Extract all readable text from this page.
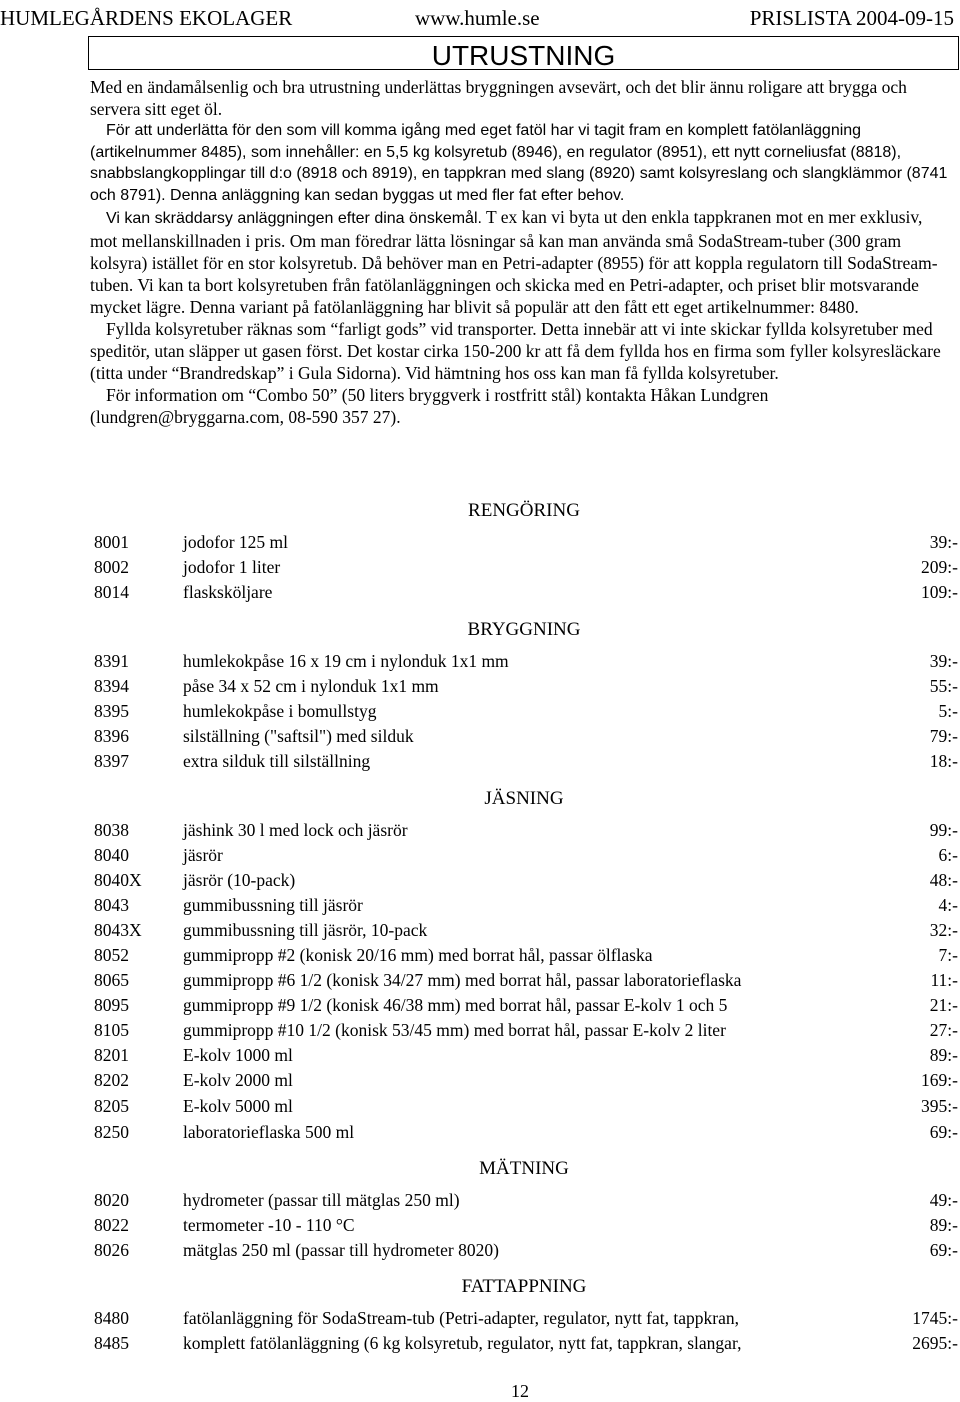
HUMLEGÅRDENS EKOLAGER	www.humle.se	PRISLISTA 2004-09-15
UTRUSTNING

Med en ändamålsenlig och bra utrustning underlättas bryggningen avsevärt, och det blir ännu roligare att brygga och servera sitt eget öl.

För att underlätta för den som vill komma igång med eget fatöl har vi tagit fram en komplett fatölanläggning (artikelnummer 8485), som innehåller: en 5,5 kg kolsyretub (8946), en regulator (8951), ett nytt corneliusfat (8818), snabbslangkopplingar till d:o (8918 och 8919), en tappkran med slang (8920) samt kolsyreslang och slangklämmor (8741 och 8791). Denna anläggning kan sedan byggas ut med fler fat efter behov.

Vi kan skräddarsy anläggningen efter dina önskemål. T ex kan vi byta ut den enkla tappkranen mot en mer exklusiv, mot mellanskillnaden i pris. Om man föredrar lätta lösningar så kan man använda små SodaStream-tuber (300 gram kolsyra) istället för en stor kolsyretub. Då behöver man en Petri-adapter (8955) för att koppla regulatorn till SodaStream-tuben. Vi kan ta bort kolsyretuben från fatölanläggningen och skicka med en Petri-adapter, och priset blir motsvarande mycket lägre. Denna variant på fatölanläggning har blivit så populär att den fått ett eget artikelnummer: 8480.

Fyllda kolsyretuber räknas som “farligt gods” vid transporter. Detta innebär att vi inte skickar fyllda kolsyretuber med speditör, utan släpper ut gasen först. Det kostar cirka 150-200 kr att få dem fyllda hos en firma som fyller kolsyresläckare (titta under “Brandredskap” i Gula Sidorna). Vid hämtning hos oss kan man få fyllda kolsyretuber.

För information om “Combo 50” (50 liters bryggverk i rostfritt stål) kontakta Håkan Lundgren (lundgren@bryggarna.com, 08-590 357 27).

RENGÖRING
BRYGGNING
JÄSNING
MÄTNING
FATTAPPNING
8001	jodofor 125 ml	39:-
8002	jodofor 1 liter	209:-
8014	flasksköljare	109:-
8391	humlekokpåse 16 x 19 cm i nylonduk 1x1 mm	39:-
8394	påse 34 x 52 cm i nylonduk 1x1 mm	55:-
8395	humlekokpåse i bomullstyg	5:-
8396	silställning ("saftsil") med silduk	79:-
8397	extra silduk till silställning	18:-
8038	jäshink 30 l med lock och jäsrör	99:-
8040	jäsrör	6:-
8040X jäsrör (10-pack)	48:-
8043	gummibussning till jäsrör	4:-
8043X gummibussning till jäsrör, 10-pack	32:-
8052	gummipropp #2 (konisk 20/16 mm) med borrat hål, passar ölflaska	7:-
8065	gummipropp #6 1/2 (konisk 34/27 mm) med borrat hål, passar laboratorieflaska	11:-
8095	gummipropp #9 1/2 (konisk 46/38 mm) med borrat hål, passar E-kolv 1 och 5	21:-
8105	gummipropp #10 1/2 (konisk 53/45 mm) med borrat hål, passar E-kolv 2 liter	27:-
8201	E-kolv 1000 ml	89:-
8202	E-kolv 2000 ml	169:-
8205	E-kolv 5000 ml	395:-
8250	laboratorieflaska 500 ml	69:-
8020	hydrometer (passar till mätglas 250 ml)	49:-
8022	termometer -10 - 110 °C	89:-
8026	mätglas 250 ml (passar till hydrometer 8020)	69:-
8480	fatölanläggning för SodaStream-tub (Petri-adapter, regulator, nytt fat, tappkran,	1745:-
8485	komplett fatölanläggning (6 kg kolsyretub, regulator, nytt fat, tappkran, slangar,	2695:-
12
